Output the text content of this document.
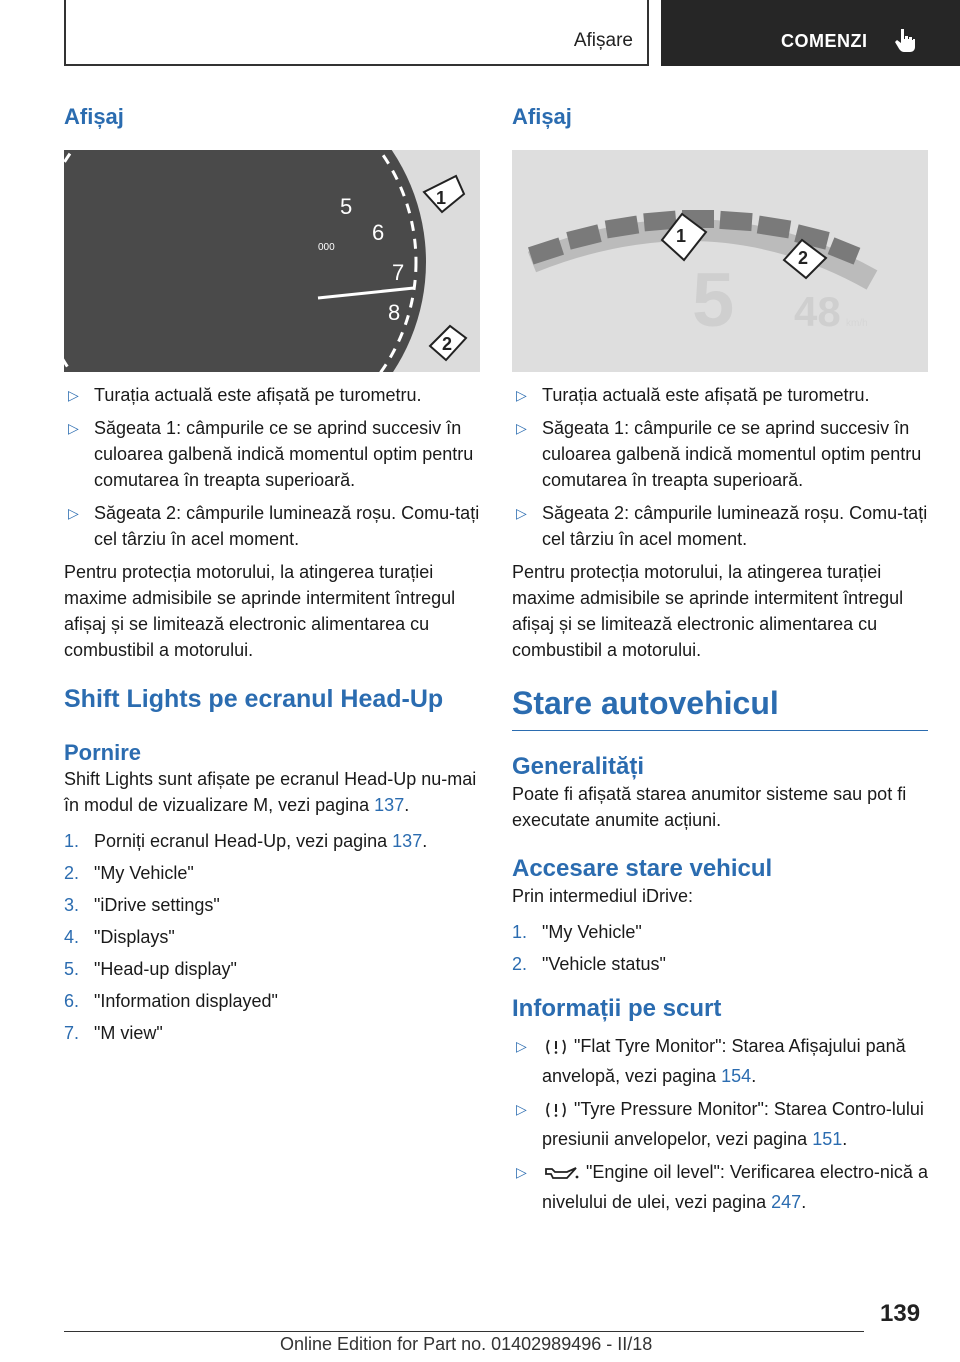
Afișare	COMENZI
Afișaj
5
6
7
8
000
1
2
▷ Turația actuală este afișată pe turometru.
▷ Săgeata 1: câmpurile ce se aprind succesiv în culoarea galbenă indică momentul optim pentru comutarea în treapta superioară.
▷ Săgeata 2: câmpurile luminează roșu. Comu-tați cel târziu în acel moment.

Pentru protecția motorului, la atingerea turației maxime admisibile se aprinde intermitent întregul afișaj și se limitează electronic alimentarea cu combustibil a motorului.

Shift Lights pe ecranul Head-Up
Pornire

Shift Lights sunt afișate pe ecranul Head-Up nu-mai în modul de vizualizare M, vezi pagina 137.

1. Porniți ecranul Head-Up, vezi pagina 137.
2. "My Vehicle"
3. "iDrive settings"
4. "Displays"
5. "Head-up display"
6. "Information displayed"
7. "M view"
Afișaj
5 48 km/h
1
2
▷ Turația actuală este afișată pe turometru.
▷ Săgeata 1: câmpurile ce se aprind succesiv în culoarea galbenă indică momentul optim pentru comutarea în treapta superioară.
▷ Săgeata 2: câmpurile luminează roșu. Comu-tați cel târziu în acel moment.

Pentru protecția motorului, la atingerea turației maxime admisibile se aprinde intermitent întregul afișaj și se limitează electronic alimentarea cu combustibil a motorului.

Stare autovehicul
Generalități

Poate fi afișată starea anumitor sisteme sau pot fi executate anumite acțiuni.

Accesare stare vehicul

Prin intermediul iDrive:

1. "My Vehicle"
2. "Vehicle status"
Informații pe scurt
▷	"Flat Tyre Monitor": Starea Afișajului pană anvelopă, vezi pagina 154.
▷	"Tyre Pressure Monitor": Starea Contro-lului presiunii anvelopelor, vezi pagina 151.
▷	"Engine oil level": Verificarea electro-nică a nivelului de ulei, vezi pagina 247.
139
Online Edition for Part no. 01402989496 - II/18
